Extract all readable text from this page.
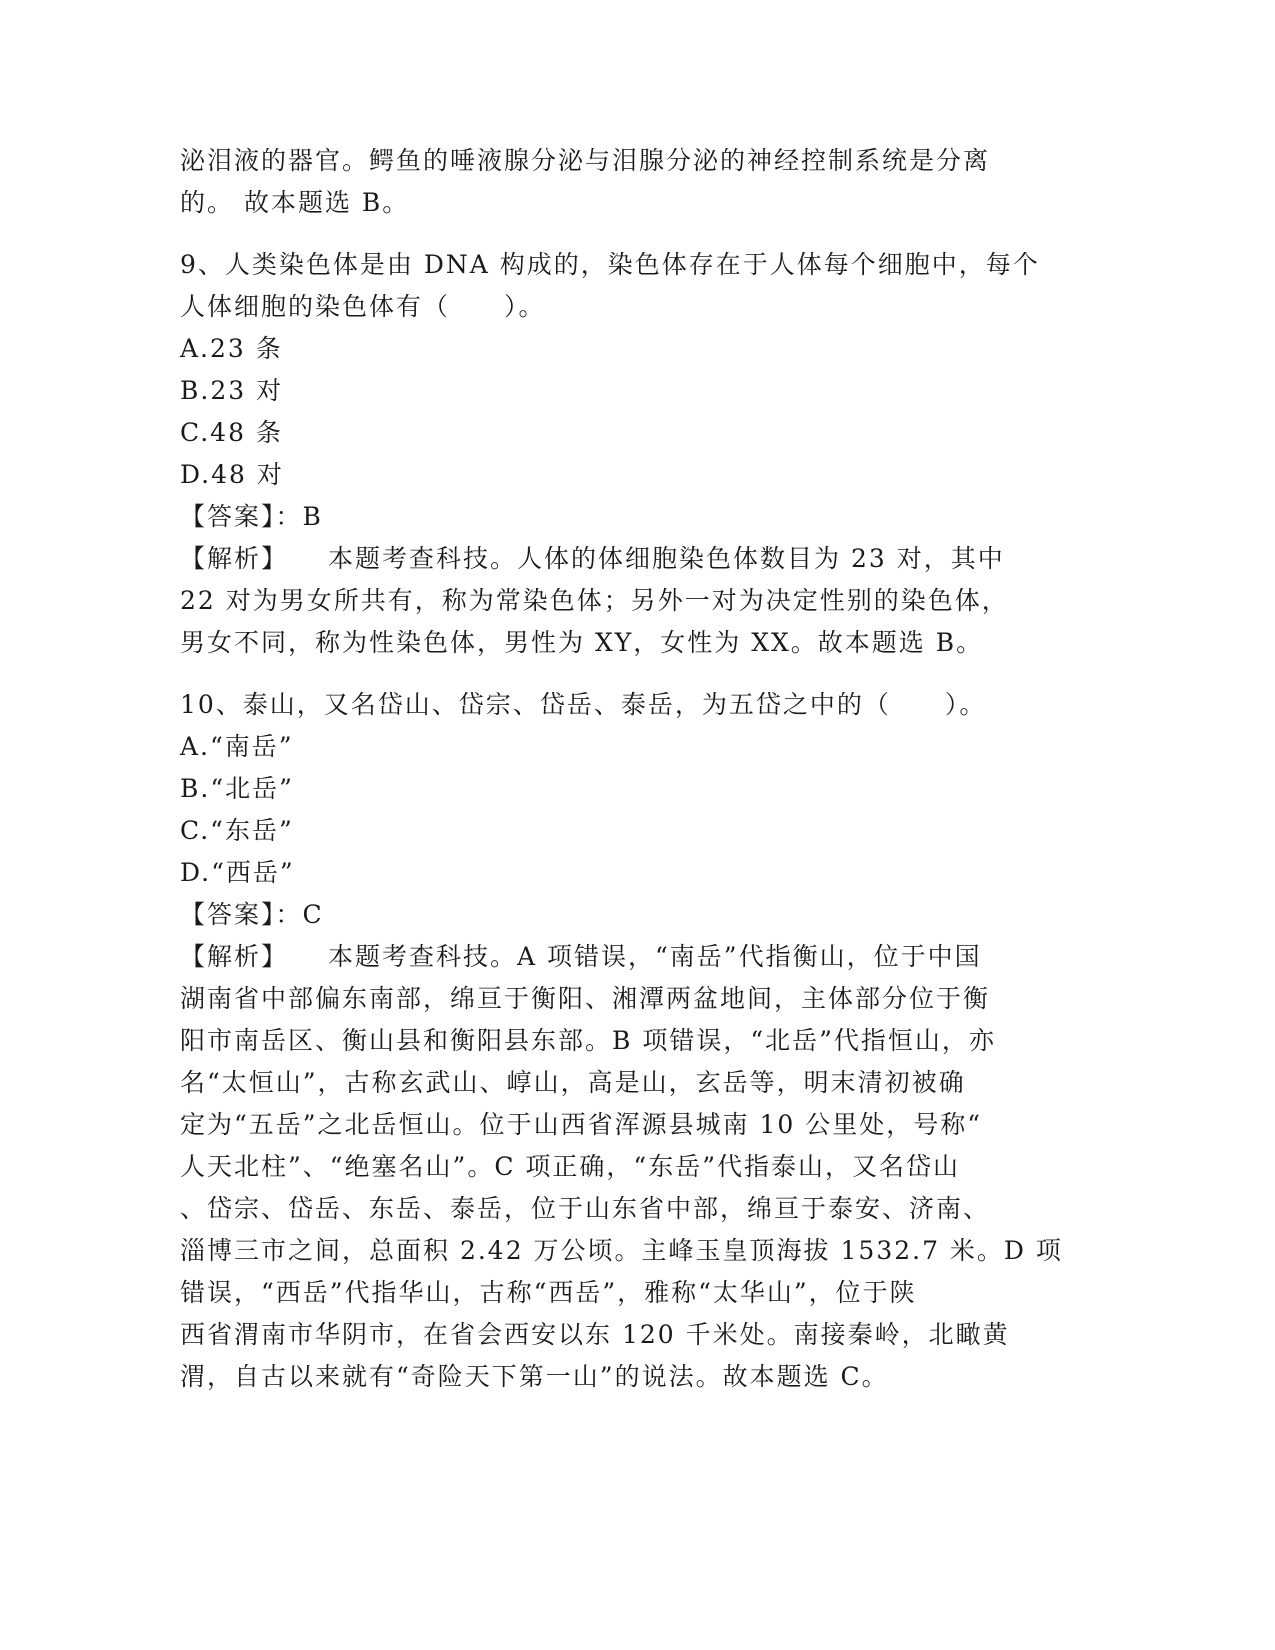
泌泪液的器官。鳄鱼的唾液腺分泌与泪腺分泌的神经控制系统是分离
的。 故本题选 B。
9、人类染色体是由 DNA 构成的，染色体存在于人体每个细胞中，每个
人体细胞的染色体有（　　）。
A.23 条
B.23 对
C.48 条
D.48 对
【答案】：B
【解析】 本题考查科技。人体的体细胞染色体数目为 23 对，其中
22 对为男女所共有，称为常染色体；另外一对为决定性别的染色体，
男女不同，称为性染色体，男性为 XY，女性为 XX。故本题选 B。
10、泰山，又名岱山、岱宗、岱岳、泰岳，为五岱之中的（　　）。
A.“南岳”
B.“北岳”
C.“东岳”
D.“西岳”
【答案】：C
【解析】 本题考查科技。A 项错误，“南岳”代指衡山，位于中国
湖南省中部偏东南部，绵亘于衡阳、湘潭两盆地间，主体部分位于衡
阳市南岳区、衡山县和衡阳县东部。B 项错误，“北岳”代指恒山，亦
名“太恒山”，古称玄武山、崞山，高是山，玄岳等，明末清初被确
定为“五岳”之北岳恒山。位于山西省浑源县城南 10 公里处，号称“
人天北柱”、“绝塞名山”。C 项正确，“东岳”代指泰山，又名岱山
、岱宗、岱岳、东岳、泰岳，位于山东省中部，绵亘于泰安、济南、
淄博三市之间，总面积 2.42 万公顷。主峰玉皇顶海拔 1532.7 米。D 项
错误，“西岳”代指华山，古称“西岳”，雅称“太华山”，位于陕
西省渭南市华阴市，在省会西安以东 120 千米处。南接秦岭，北瞰黄
渭，自古以来就有“奇险天下第一山”的说法。故本题选 C。
